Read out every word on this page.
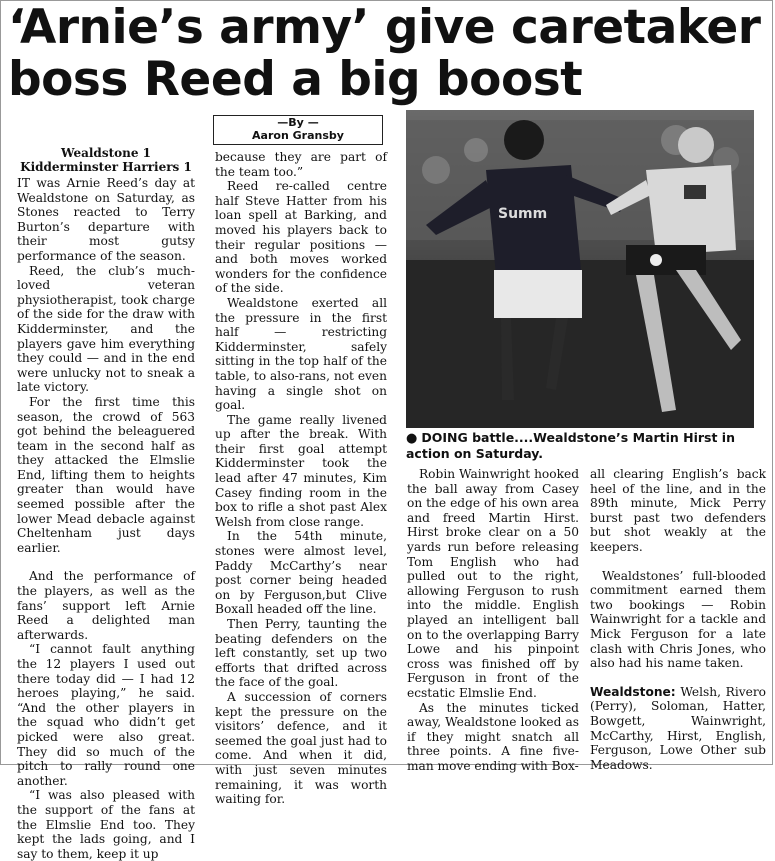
‘Arnie’s army’ give caretaker boss Reed a big boost
Wealdstone 1
Kidderminster Harriers 1

IT was Arnie Reed’s day at Wealdstone on Saturday, as Stones reacted to Terry Burton’s departure with their most gutsy performance of the season.

Reed, the club’s much-loved veteran physiotherapist, took charge of the side for the draw with Kidderminster, and the players gave him everything they could — and in the end were unlucky not to sneak a late victory.

For the first time this season, the crowd of 563 got behind the beleaguered team in the second half as they attacked the Elmslie End, lifting them to heights greater than would have seemed possible after the lower Mead debacle against Cheltenham just days earlier.

And the performance of the players, as well as the fans’ support left Arnie Reed a delighted man afterwards.

“I cannot fault anything the 12 players I used out there today did — I had 12 heroes playing,” he said. “And the other players in the squad who didn’t get picked were also great. They did so much of the pitch to rally round one another.

“I was also pleased with the support of the fans at the Elmslie End too. They kept the lads going, and I say to them, keep it up

— By —
Aaron Gransby

because they are part of the team too.”

Reed re-called centre half Steve Hatter from his loan spell at Barking, and moved his players back to their regular positions — and both moves worked wonders for the confidence of the side.

Wealdstone exerted all the pressure in the first half — restricting Kidderminster, safely sitting in the top half of the table, to also-rans, not even having a single shot on goal.

The game really livened up after the break. With their first goal attempt Kidderminster took the lead after 47 minutes, Kim Casey finding room in the box to rifle a shot past Alex Welsh from close range.

In the 54th minute, stones were almost level, Paddy McCarthy’s near post corner being headed on by Ferguson,but Clive Boxall headed off the line.

Then Perry, taunting the beating defenders on the left constantly, set up two efforts that drifted across the face of the goal.

A succession of corners kept the pressure on the visitors’ defence, and it seemed the goal just had to come. And when it did, with just seven minutes remaining, it was worth waiting for.

Summ
● DOING battle....Wealdstone’s Martin Hirst in action on Saturday.

Robin Wainwright hooked the ball away from Casey on the edge of his own area and freed Martin Hirst. Hirst broke clear on a 50 yards run before releasing Tom English who had pulled out to the right, allowing Ferguson to rush into the middle. English played an intelligent ball on to the overlapping Barry Lowe and his pinpoint cross was finished off by Ferguson in front of the ecstatic Elmslie End.

As the minutes ticked away, Wealdstone looked as if they might snatch all three points. A fine five-man move ending with Box-

all clearing English’s back heel of the line, and in the 89th minute, Mick Perry burst past two defenders but shot weakly at the keepers.

Wealdstones’ full-blooded commitment earned them two bookings — Robin Wainwright for a tackle and Mick Ferguson for a late clash with Chris Jones, who also had his name taken.

Wealdstone: Welsh, Rivero (Perry), Soloman, Hatter, Bowgett, Wainwright, McCarthy, Hirst, English, Ferguson, Lowe Other sub Meadows.
